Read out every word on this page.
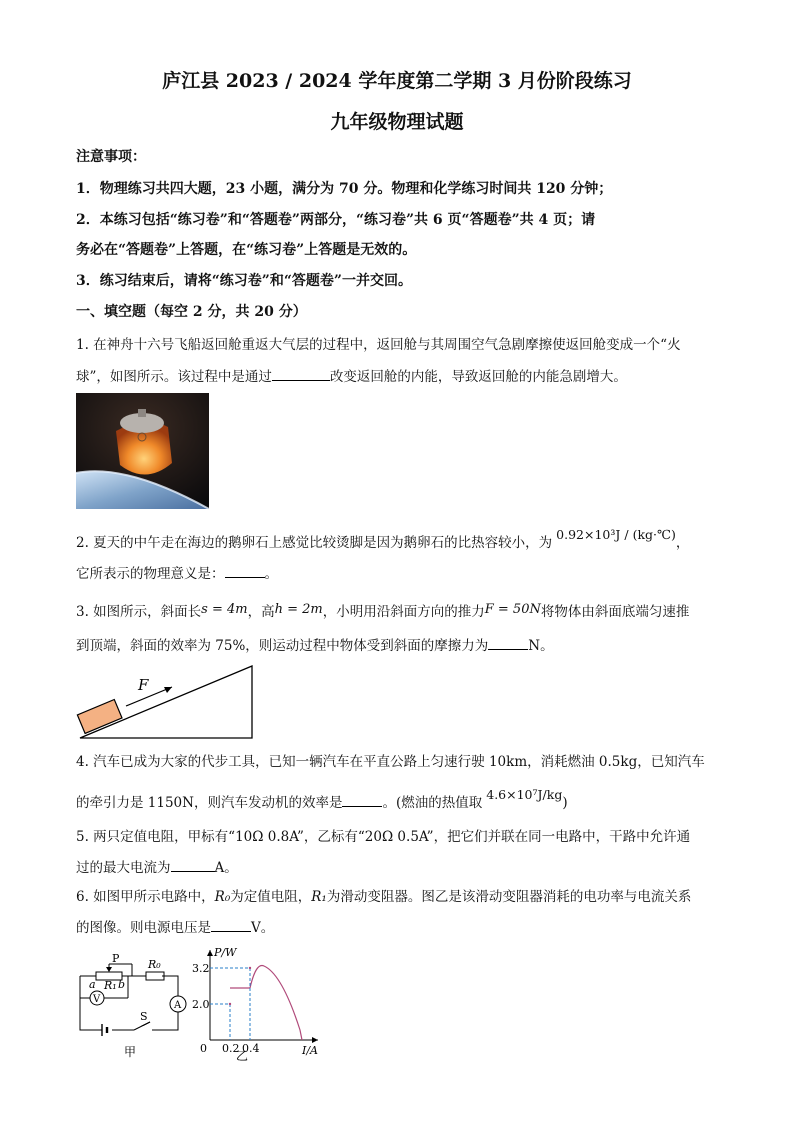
庐江县 2023 / 2024 学年度第二学期 3 月份阶段练习
九年级物理试题
注意事项：
1．物理练习共四大题，23 小题，满分为 70 分。物理和化学练习时间共 120 分钟；
2．本练习包括“练习卷”和“答题卷”两部分，“练习卷”共 6 页“答题卷”共 4 页；请
务必在“答题卷”上答题，在“练习卷”上答题是无效的。
3．练习结束后，请将“练习卷”和“答题卷”一并交回。
一、填空题（每空 2 分，共 20 分）
1. 在神舟十六号飞船返回舱重返大气层的过程中，返回舱与其周围空气急剧摩擦使返回舱变成一个“火
球”，如图所示。该过程中是通过	改变返回舱的内能，导致返回舱的内能急剧增大。
2. 夏天的中午走在海边的鹅卵石上感觉比较烫脚是因为鹅卵石的比热容较小，为0.92×10³J / (kg·℃)，
它所表示的物理意义是：	。
3. 如图所示，斜面长s = 4m，高h = 2m，小明用沿斜面方向的推力F = 50N将物体由斜面底端匀速推
到顶端，斜面的效率为 75%，则运动过程中物体受到斜面的摩擦力为	N。
F
4. 汽车已成为大家的代步工具，已知一辆汽车在平直公路上匀速行驶 10km，消耗燃油 0.5kg，已知汽车
的牵引力是 1150N，则汽车发动机的效率是	。(燃油的热值取4.6×10⁷J/kg)
5. 两只定值电阻，甲标有“10Ω 0.8A”，乙标有“20Ω 0.5A”，把它们并联在同一电路中，干路中允许通
过的最大电流为	A。
6. 如图甲所示电路中，R₀为定值电阻，R₁为滑动变阻器。图乙是该滑动变阻器消耗的电功率与电流关系
的图像。则电源电压是	V。
P	R₀
a R₁ b
V
A
S
甲
3.2
2.0
0.2 0.4
P/W
I/A
0
乙
